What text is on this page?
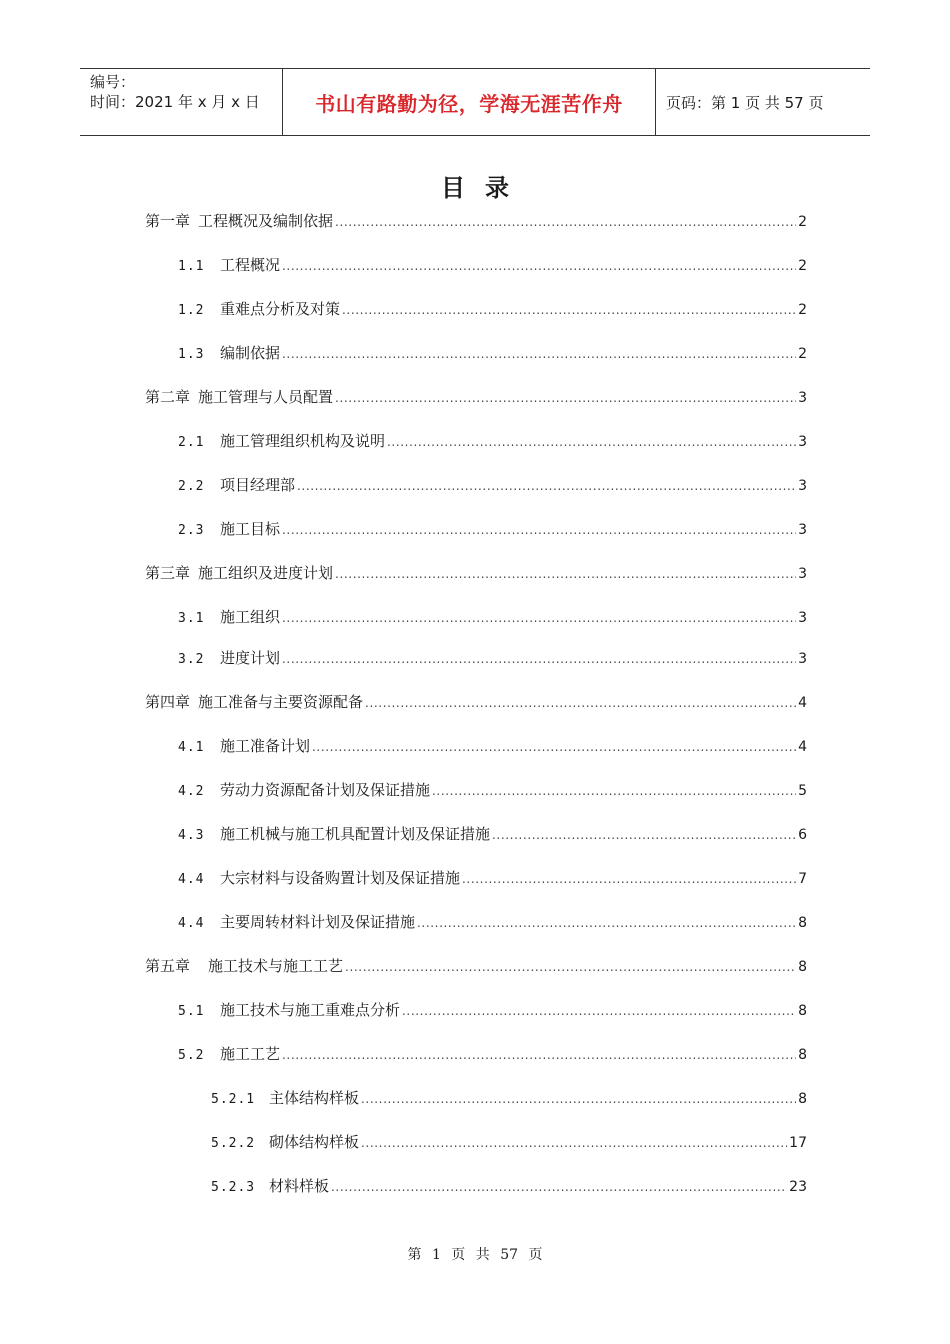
编号：
时间：2021 年 x 月 x 日	书山有路勤为径，学海无涯苦作舟	页码：第 1 页 共 57 页
目录
第一章 工程概况及编制依据 .....	2
1.1	工程概况 .....	2
1.2	重难点分析及对策 .....	2
1.3	编制依据 .....	2
第二章 施工管理与人员配置 .....	3
2.1	施工管理组织机构及说明 .....	3
2.2	项目经理部 .....	3
2.3	施工目标 .....	3
第三章 施工组织及进度计划 .....	3
3.1	施工组织 .....	3
3.2	进度计划 .....	3
第四章 施工准备与主要资源配备 .....	4
4.1	施工准备计划 .....	4
4.2	劳动力资源配备计划及保证措施 .....	5
4.3	施工机械与施工机具配置计划及保证措施 .....	6
4.4	大宗材料与设备购置计划及保证措施 .....	7
4.4	主要周转材料计划及保证措施 .....	8
第五章 施工技术与施工工艺 .....	8
5.1	施工技术与施工重难点分析 .....	8
5.2	施工工艺 .....	8
5.2.1 主体结构样板 .....	8
5.2.2 砌体结构样板 .....	17
5.2.3 材料样板 .....	23
第 1 页 共 57 页
